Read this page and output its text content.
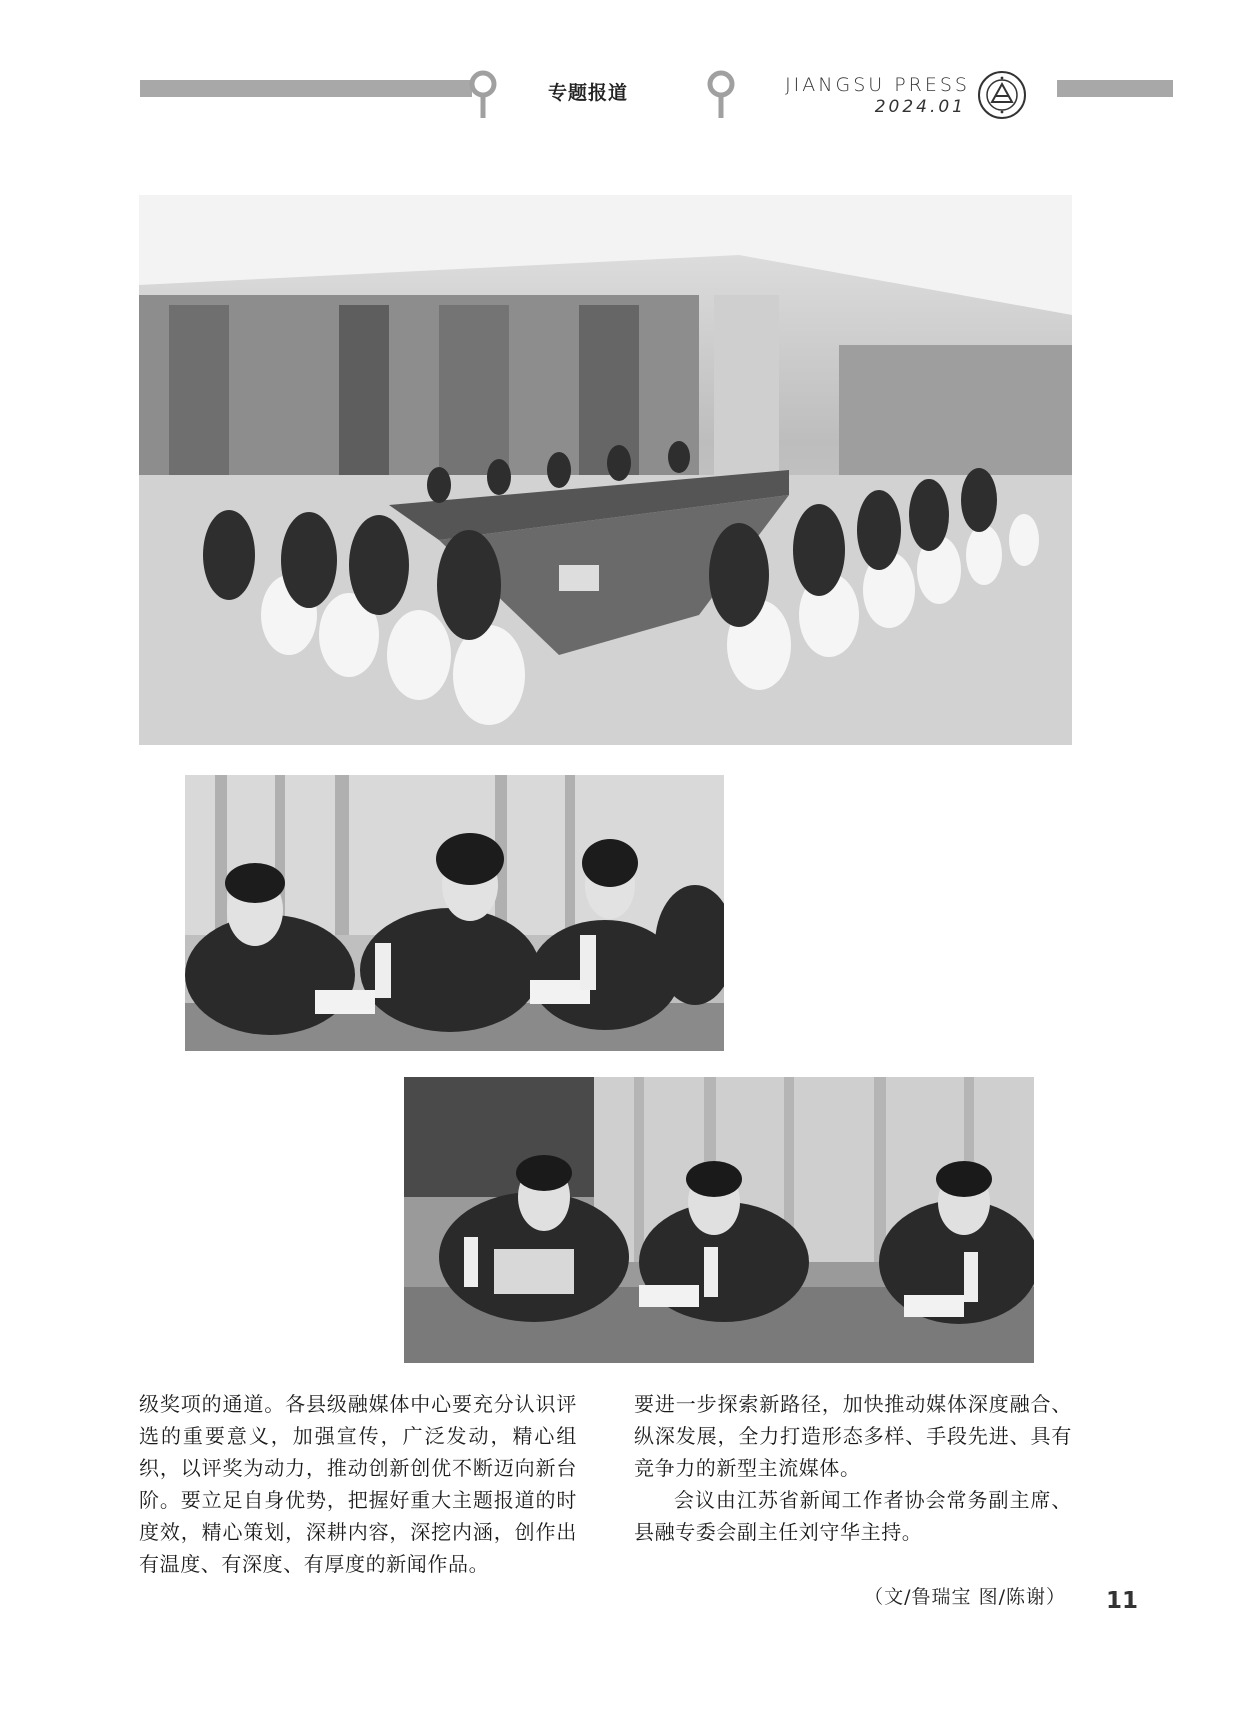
专题报道	JIANGSU PRESS
2024.01

级奖项的通道。各县级融媒体中心要充分认识评选的重要意义，加强宣传，广泛发动，精心组织，以评奖为动力，推动创新创优不断迈向新台阶。要立足自身优势，把握好重大主题报道的时度效，精心策划，深耕内容，深挖内涵，创作出有温度、有深度、有厚度的新闻作品。

要进一步探索新路径，加快推动媒体深度融合、纵深发展，全力打造形态多样、手段先进、具有竞争力的新型主流媒体。

会议由江苏省新闻工作者协会常务副主席、县融专委会副主任刘守华主持。

（文/鲁瑞宝 图/陈谢）	11
